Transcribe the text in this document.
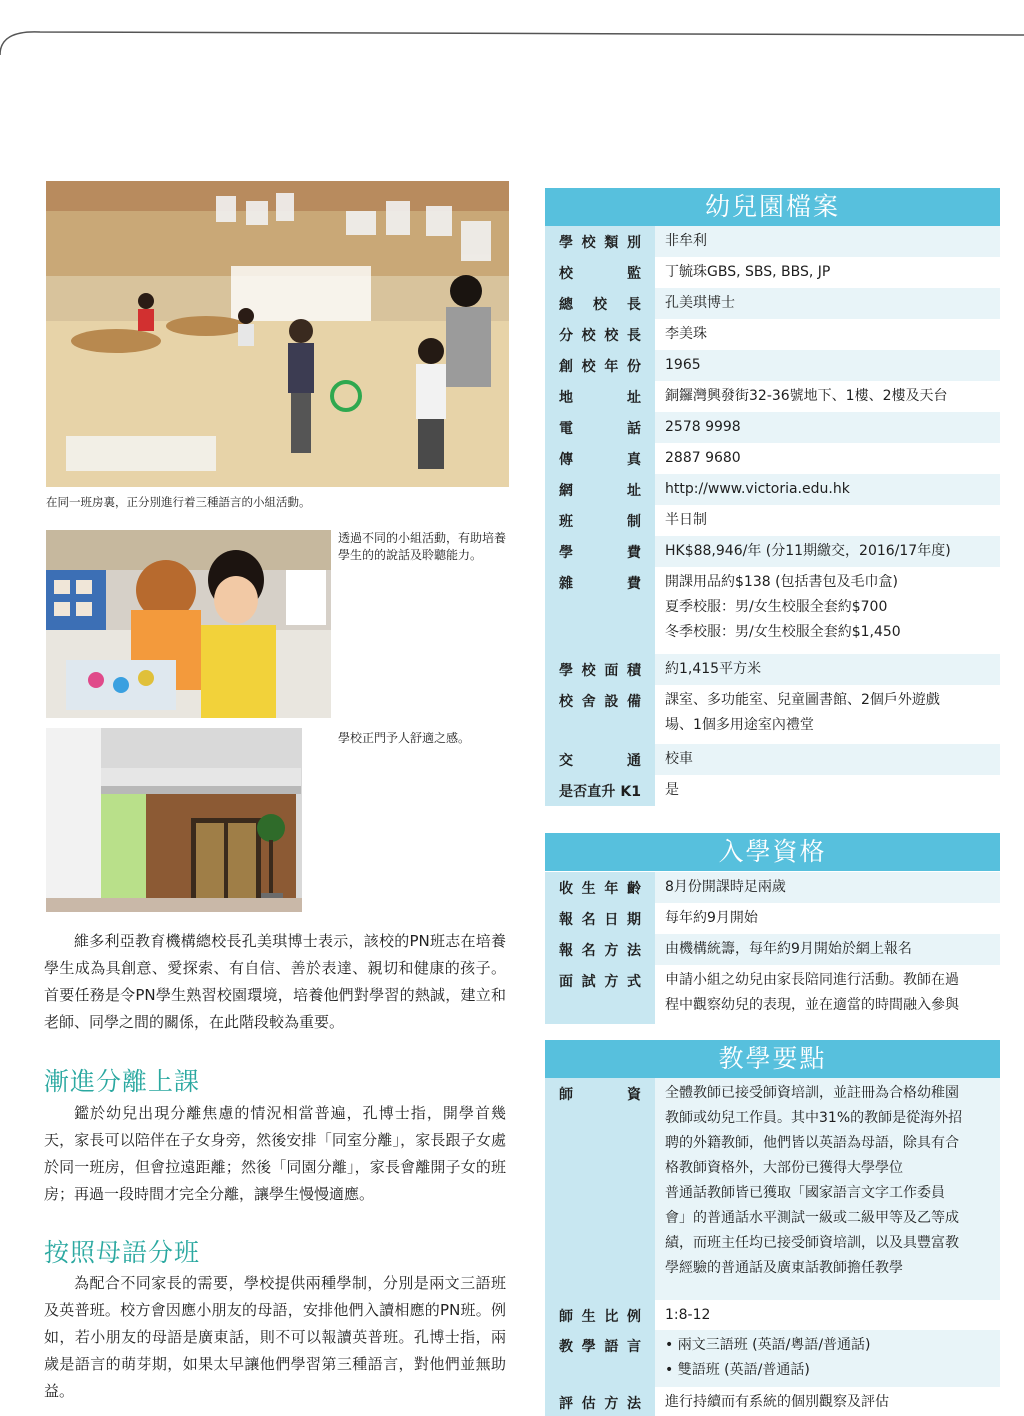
在同一班房裏，正分別進行着三種語言的小組活動。
透過不同的小組活動，有助培養學生的的說話及聆聽能力。
學校正門予人舒適之感。

維多利亞教育機構總校長孔美琪博士表示，該校的PN班志在培養學生成為具創意、愛探索、有自信、善於表達、親切和健康的孩子。首要任務是令PN學生熟習校園環境，培養他們對學習的熱誠，建立和老師、同學之間的關係，在此階段較為重要。

漸進分離上課

鑑於幼兒出現分離焦慮的情況相當普遍，孔博士指，開學首幾天，家長可以陪伴在子女身旁，然後安排「同室分離」，家長跟子女處於同一班房，但會拉遠距離；然後「同園分離」，家長會離開子女的班房；再過一段時間才完全分離，讓學生慢慢適應。

按照母語分班

為配合不同家長的需要，學校提供兩種學制，分別是兩文三語班及英普班。校方會因應小朋友的母語，安排他們入讀相應的PN班。例如，若小朋友的母語是廣東話，則不可以報讀英普班。孔博士指，兩歲是語言的萌芽期，如果太早讓他們學習第三種語言，對他們並無助益。

幼兒園檔案
學校類別	非牟利
校監	丁毓珠GBS, SBS, BBS, JP
總校長	孔美琪博士
分校校長	李美珠
創校年份	1965
地址	銅鑼灣興發街32-36號地下、1樓、2樓及天台
電話	2578 9998
傳真	2887 9680
網址	http://www.victoria.edu.hk
班制	半日制
學費	HK$88,946/年 (分11期繳交，2016/17年度)
雜費	開課用品約$138 (包括書包及毛巾盒)
夏季校服：男/女生校服全套約$700
冬季校服：男/女生校服全套約$1,450
學校面積	約1,415平方米
校舍設備	課室、多功能室、兒童圖書館、2個戶外遊戲
場、1個多用途室內禮堂
交通	校車
是否直升 K1	是
入學資格
收生年齡	8月份開課時足兩歲
報名日期	每年約9月開始
報名方法	由機構統籌，每年約9月開始於網上報名
面試方式	申請小組之幼兒由家長陪同進行活動。教師在過
程中觀察幼兒的表現，並在適當的時間融入參與
教學要點
師資	全體教師已接受師資培訓，並註冊為合格幼稚園
教師或幼兒工作員。其中31%的教師是從海外招
聘的外籍教師，他們皆以英語為母語，除具有合
格教師資格外，大部份已獲得大學學位
普通話教師皆已獲取「國家語言文字工作委員
會」的普通話水平測試一級或二級甲等及乙等成
績，而班主任均已接受師資培訓，以及具豐富教
學經驗的普通話及廣東話教師擔任教學
師生比例	1:8-12
教學語言	• 兩文三語班 (英語/粵語/普通話)
• 雙語班 (英語/普通話)
評估方法	進行持續而有系統的個別觀察及評估
